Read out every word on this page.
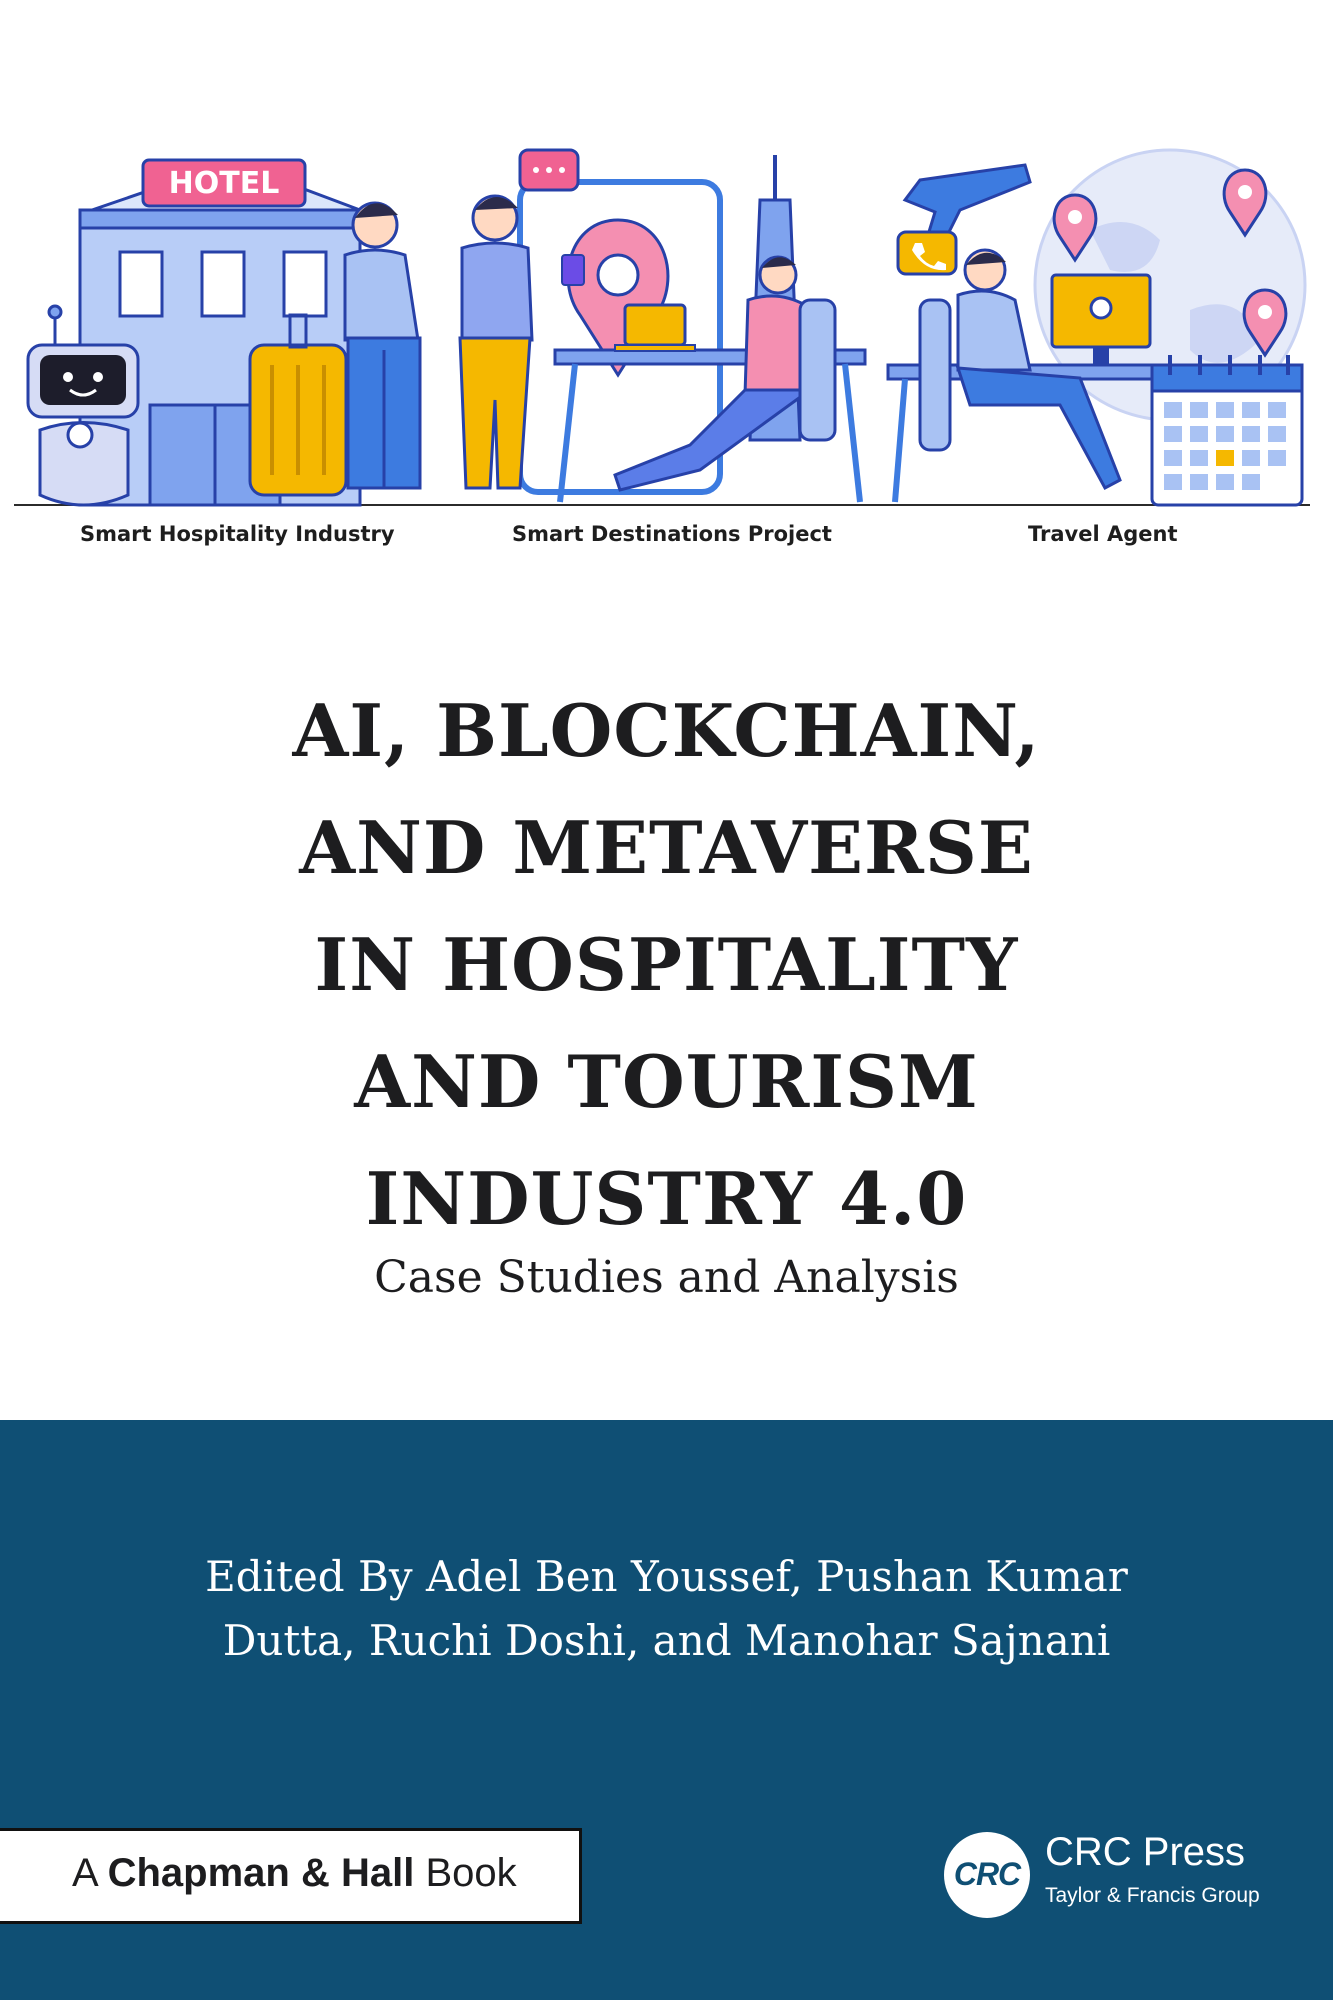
HOTEL
Smart Hospitality Industry	Smart Destinations Project	Travel Agent
AI, BLOCKCHAIN,
AND METAVERSE
IN HOSPITALITY
AND TOURISM
INDUSTRY 4.0
Case Studies and Analysis
Edited By Adel Ben Youssef, Pushan Kumar
Dutta, Ruchi Doshi, and Manohar Sajnani
A Chapman & Hall Book	CRC CRC Press
Taylor & Francis Group
